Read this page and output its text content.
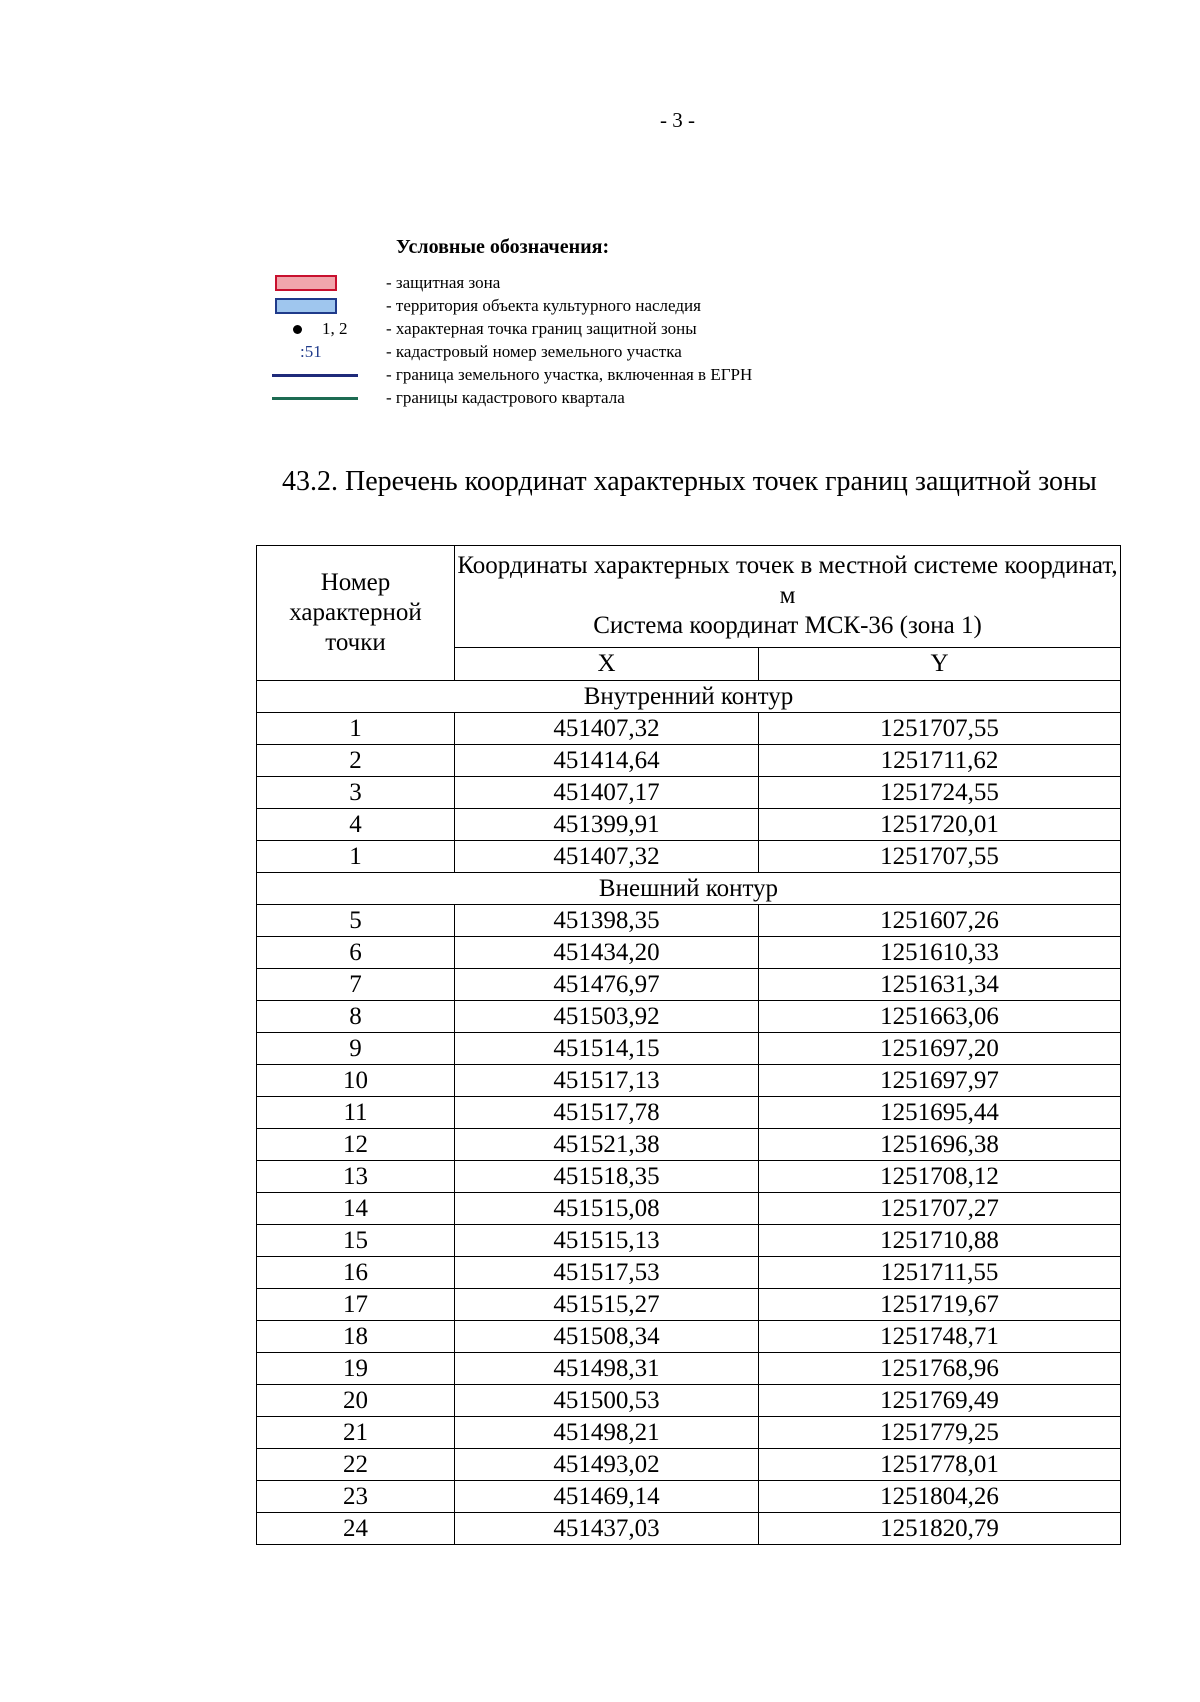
- 3 -
Условные обозначения:
- защитная зона
- территория объекта культурного наследия
1, 2 - характерная точка границ защитной зоны
:51	- кадастровый номер земельного участка
- граница земельного участка, включенная в ЕГРН
- границы кадастрового квартала
43.2. Перечень координат характерных точек границ защитной зоны
Номер характерной точки	Координаты характерных точек в местной системе координат, м
Система координат МСК-36 (зона 1)	

	X	Y
Внутренний контур		
1	451407,32	1251707,55
2	451414,64	1251711,62
3	451407,17	1251724,55
4	451399,91	1251720,01
1	451407,32	1251707,55
Внешний контур		
5	451398,35	1251607,26
6	451434,20	1251610,33
7	451476,97	1251631,34
8	451503,92	1251663,06
9	451514,15	1251697,20
10	451517,13	1251697,97
11	451517,78	1251695,44
12	451521,38	1251696,38
13	451518,35	1251708,12
14	451515,08	1251707,27
15	451515,13	1251710,88
16	451517,53	1251711,55
17	451515,27	1251719,67
18	451508,34	1251748,71
19	451498,31	1251768,96
20	451500,53	1251769,49
21	451498,21	1251779,25
22	451493,02	1251778,01
23	451469,14	1251804,26
24	451437,03	1251820,79
